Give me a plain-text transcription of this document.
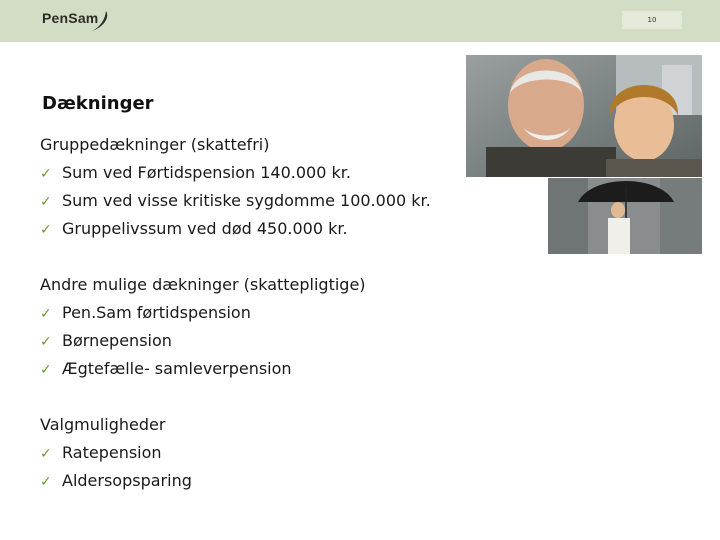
PenSam	10
Dækninger
Gruppedækninger (skattefri)
✓ Sum ved Førtidspension 140.000 kr.
✓ Sum ved visse kritiske sygdomme 100.000 kr.
✓ Gruppelivssum ved død 450.000 kr.
Andre mulige dækninger (skattepligtige)
✓ Pen.Sam førtidspension
✓ Børnepension
✓ Ægtefælle- samleverpension
Valgmuligheder
✓ Ratepension
✓ Aldersopsparing
